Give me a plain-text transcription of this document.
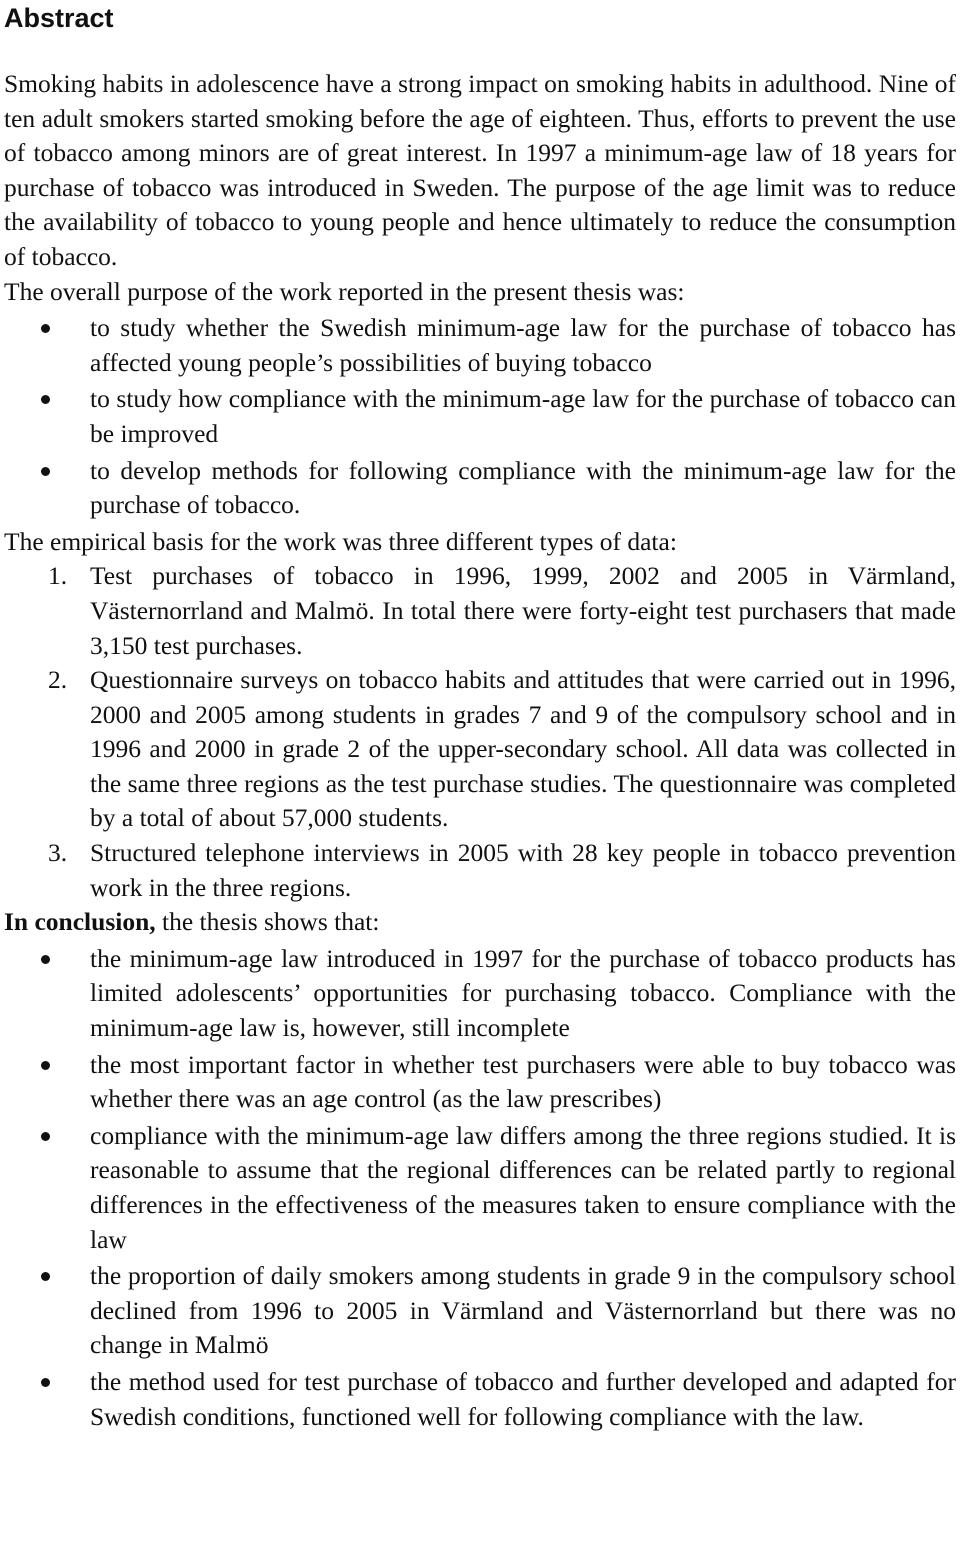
Abstract

Smoking habits in adolescence have a strong impact on smoking habits in adulthood. Nine of ten adult smokers started smoking before the age of eighteen. Thus, efforts to prevent the use of tobacco among minors are of great interest. In 1997 a minimum-age law of 18 years for purchase of tobacco was introduced in Sweden. The purpose of the age limit was to reduce the availability of tobacco to young people and hence ultimately to reduce the consumption of tobacco.

The overall purpose of the work reported in the present thesis was:

to study whether the Swedish minimum-age law for the purchase of tobacco has affected young people’s possibilities of buying tobacco
to study how compliance with the minimum-age law for the purchase of tobacco can be improved
to develop methods for following compliance with the minimum-age law for the purchase of tobacco.

The empirical basis for the work was three different types of data:

1. Test purchases of tobacco in 1996, 1999, 2002 and 2005 in Värmland, Västernorrland and Malmö. In total there were forty-eight test purchasers that made 3,150 test purchases.
2. Questionnaire surveys on tobacco habits and attitudes that were carried out in 1996, 2000 and 2005 among students in grades 7 and 9 of the compulsory school and in 1996 and 2000 in grade 2 of the upper-secondary school. All data was collected in the same three regions as the test purchase studies. The questionnaire was completed by a total of about 57,000 students.
3. Structured telephone interviews in 2005 with 28 key people in tobacco prevention work in the three regions.

In conclusion, the thesis shows that:

the minimum-age law introduced in 1997 for the purchase of tobacco products has limited adolescents’ opportunities for purchasing tobacco. Compliance with the minimum-age law is, however, still incomplete
the most important factor in whether test purchasers were able to buy tobacco was whether there was an age control (as the law prescribes)
compliance with the minimum-age law differs among the three regions studied. It is reasonable to assume that the regional differences can be related partly to regional differences in the effectiveness of the measures taken to ensure compliance with the law
the proportion of daily smokers among students in grade 9 in the compulsory school declined from 1996 to 2005 in Värmland and Västernorrland but there was no change in Malmö
the method used for test purchase of tobacco and further developed and adapted for Swedish conditions, functioned well for following compliance with the law.
